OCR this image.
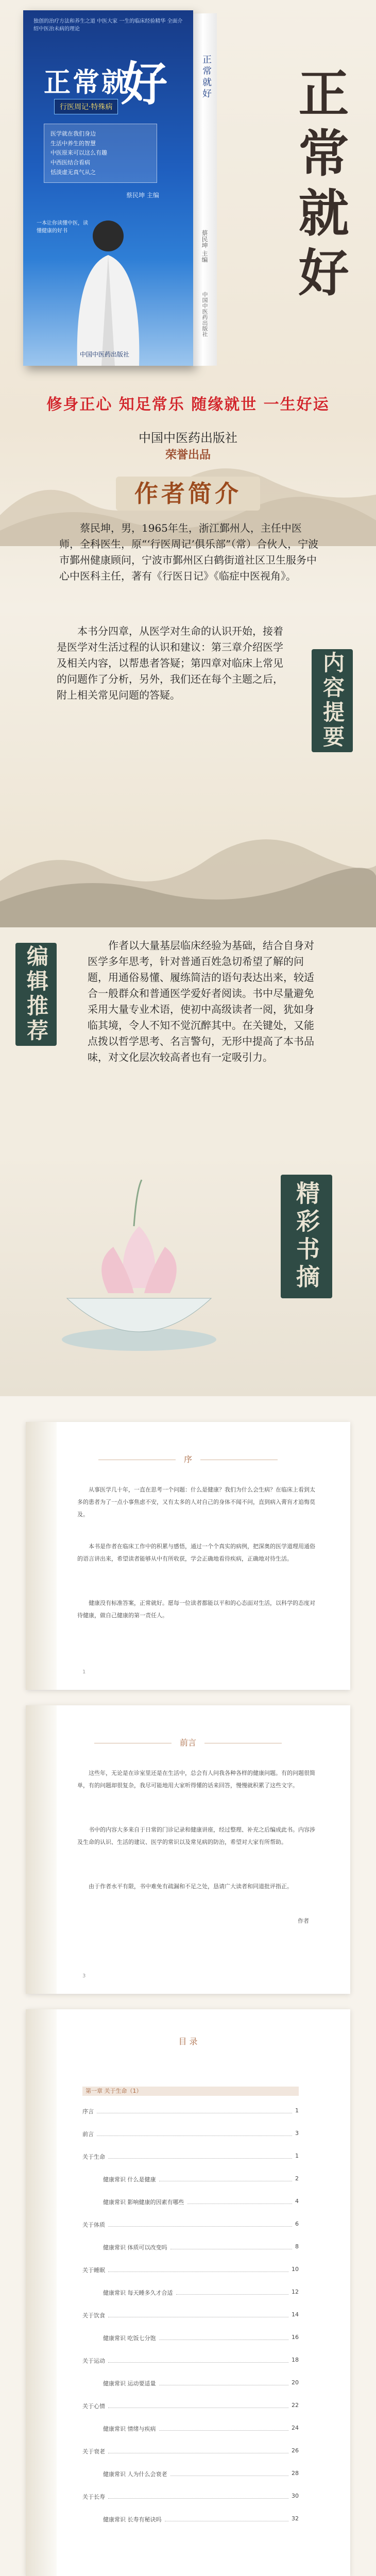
独创的治疗方法和养生之道 中医大家 一生的临床经验精华 全面介绍中医治未病的理论
正常就
好
行医周记·特殊病
医学就在我们身边
生活中养生的智慧
中医原来可以这么有趣
中西医结合看病
恬淡虚无真气从之
蔡民坤 主编
一本让你读懂中医，读懂健康的好书
中国中医药出版社
正常就好
蔡民坤 主编
中国中医药出版社
正常就好
修身正心 知足常乐 随缘就世 一生好运
中国中医药出版社
荣誉出品
作者简介
蔡民坤，男，1965年生，浙江鄞州人，主任中医师，全科医生，原“‘行医周记’俱乐部”（常）合伙人，宁波市鄞州健康顾问，宁波市鄞州区白鹤街道社区卫生服务中心中医科主任，著有《行医日记》《临症中医视角》。
本书分四章，从医学对生命的认识开始，接着是医学对生活过程的认识和建议：第三章介绍医学及相关内容，以帮患者答疑；第四章对临床上常见的问题作了分析，另外，我们还在每个主题之后，附上相关常见问题的答疑。	内容提要
编辑推荐	作者以大量基层临床经验为基础，结合自身对医学多年思考，针对普通百姓急切希望了解的问题，用通俗易懂、履练简洁的语句表达出来，较适合一般群众和普通医学爱好者阅读。书中尽量避免采用大量专业术语，使初中高级读者一阅，犹如身临其境，令人不知不觉沉醉其中。在关键处，又能点拨以哲学思考、名言警句，无形中提高了本书品味，对文化层次较高者也有一定吸引力。
精彩书摘
序

从事医学几十年，一直在思考一个问题：什么是健康？我们为什么会生病？在临床上看到太多的患者为了一点小事焦虑不安，又有太多的人对自己的身体不闻不问，直到病入膏肓才追悔莫及。

本书是作者在临床工作中的积累与感悟，通过一个个真实的病例，把深奥的医学道理用通俗的语言讲出来，希望读者能够从中有所收获，学会正确地看待疾病，正确地对待生活。

健康没有标准答案，正常就好。愿每一位读者都能以平和的心态面对生活，以科学的态度对待健康，做自己健康的第一责任人。

1
前言

这些年，无论是在诊室里还是在生活中，总会有人问我各种各样的健康问题。有的问题很简单，有的问题却很复杂，我尽可能地用大家听得懂的话来回答，慢慢就积累了这些文字。

书中的内容大多来自于日常的门诊记录和健康讲座，经过整理、补充之后编成此书。内容涉及生命的认识、生活的建议、医学的常识以及常见病的防治，希望对大家有所帮助。

由于作者水平有限，书中难免有疏漏和不足之处，恳请广大读者和同道批评指正。

作者
3
目 录
第一章 关于生命（1）
序言	1
前言	3
关于生命	1
健康常识 什么是健康	2
健康常识 影响健康的因素有哪些	4
关于体质	6
健康常识 体质可以改变吗	8
关于睡眠	10
健康常识 每天睡多久才合适	12
关于饮食	14
健康常识 吃饭七分饱	16
关于运动	18
健康常识 运动要适量	20
关于心情	22
健康常识 情绪与疾病	24
关于衰老	26
健康常识 人为什么会衰老	28
关于长寿	30
健康常识 长寿有秘诀吗	32
